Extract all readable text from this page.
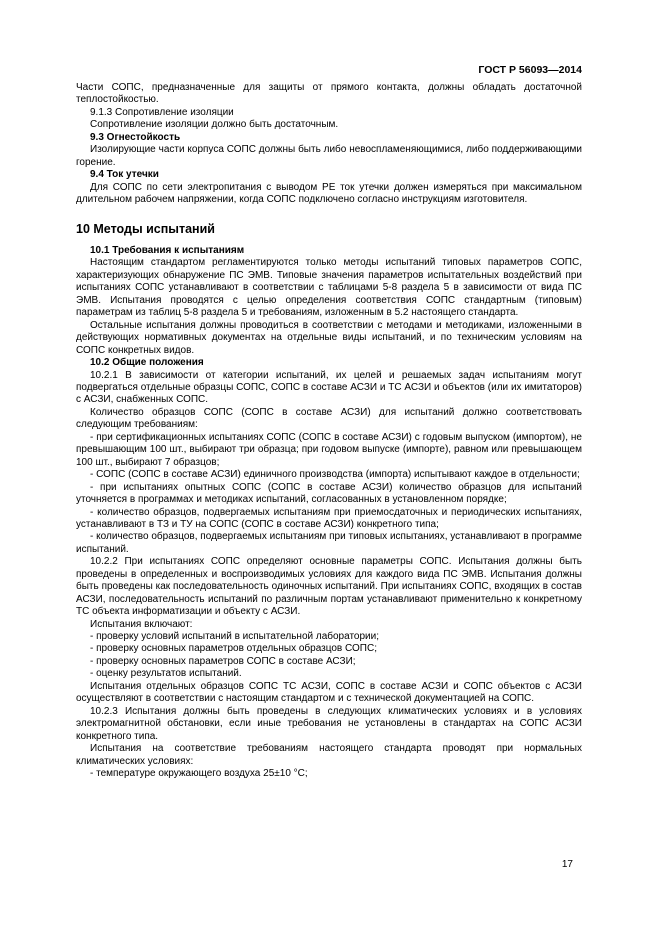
ГОСТ Р 56093—2014

Части СОПС, предназначенные для защиты от прямого контакта, должны обладать достаточной теплостойкостью.

9.1.3 Сопротивление изоляции

Сопротивление изоляции должно быть достаточным.

9.3 Огнестойкость

Изолирующие части корпуса СОПС должны быть либо невоспламеняющимися, либо поддерживающими горение.

9.4 Ток утечки

Для СОПС по сети электропитания с выводом PE ток утечки должен измеряться при максимальном длительном рабочем напряжении, когда СОПС подключено согласно инструкциям изготовителя.

10 Методы испытаний

10.1 Требования к испытаниям

Настоящим стандартом регламентируются только методы испытаний типовых параметров СОПС, характеризующих обнаружение ПС ЭМВ. Типовые значения параметров испытательных воздействий при испытаниях СОПС устанавливают в соответствии с таблицами 5-8 раздела 5 в зависимости от вида ПС ЭМВ. Испытания проводятся с целью определения соответствия СОПС стандартным (типовым) параметрам из таблиц 5-8 раздела 5 и требованиям, изложенным в 5.2 настоящего стандарта.

Остальные испытания должны проводиться в соответствии с методами и методиками, изложенными в действующих нормативных документах на отдельные виды испытаний, и по техническим условиям на СОПС конкретных видов.

10.2 Общие положения

10.2.1 В зависимости от категории испытаний, их целей и решаемых задач испытаниям могут подвергаться отдельные образцы СОПС, СОПС в составе АСЗИ и ТС АСЗИ и объектов (или их имитаторов) с АСЗИ, снабженных СОПС.

Количество образцов СОПС (СОПС в составе АСЗИ) для испытаний должно соответствовать следующим требованиям:

- при сертификационных испытаниях СОПС (СОПС в составе АСЗИ) с годовым выпуском (импортом), не превышающим 100 шт., выбирают три образца; при годовом выпуске (импорте), равном или превышающем 100 шт., выбирают 7 образцов;

- СОПС (СОПС в составе АСЗИ) единичного производства (импорта) испытывают каждое в отдельности;

- при испытаниях опытных СОПС (СОПС в составе АСЗИ) количество образцов для испытаний уточняется в программах и методиках испытаний, согласованных в установленном порядке;

- количество образцов, подвергаемых испытаниям при приемосдаточных и периодических испытаниях, устанавливают в ТЗ и ТУ на СОПС (СОПС в составе АСЗИ) конкретного типа;

- количество образцов, подвергаемых испытаниям при типовых испытаниях, устанавливают в программе испытаний.

10.2.2 При испытаниях СОПС определяют основные параметры СОПС. Испытания должны быть проведены в определенных и воспроизводимых условиях для каждого вида ПС ЭМВ. Испытания должны быть проведены как последовательность одиночных испытаний. При испытаниях СОПС, входящих в состав АСЗИ, последовательность испытаний по различным портам устанавливают применительно к конкретному ТС объекта информатизации и объекту с АСЗИ.

Испытания включают:

- проверку условий испытаний в испытательной лаборатории;

- проверку основных параметров отдельных образцов СОПС;

- проверку основных параметров СОПС в составе АСЗИ;

- оценку результатов испытаний.

Испытания отдельных образцов СОПС ТС АСЗИ, СОПС в составе АСЗИ и СОПС объектов с АСЗИ осуществляют в соответствии с настоящим стандартом и с технической документацией на СОПС.

10.2.3 Испытания должны быть проведены в следующих климатических условиях и в условиях электромагнитной обстановки, если иные требования не установлены в стандартах на СОПС АСЗИ конкретного типа.

Испытания на соответствие требованиям настоящего стандарта проводят при нормальных климатических условиях:

- температуре окружающего воздуха 25±10 °С;

17
